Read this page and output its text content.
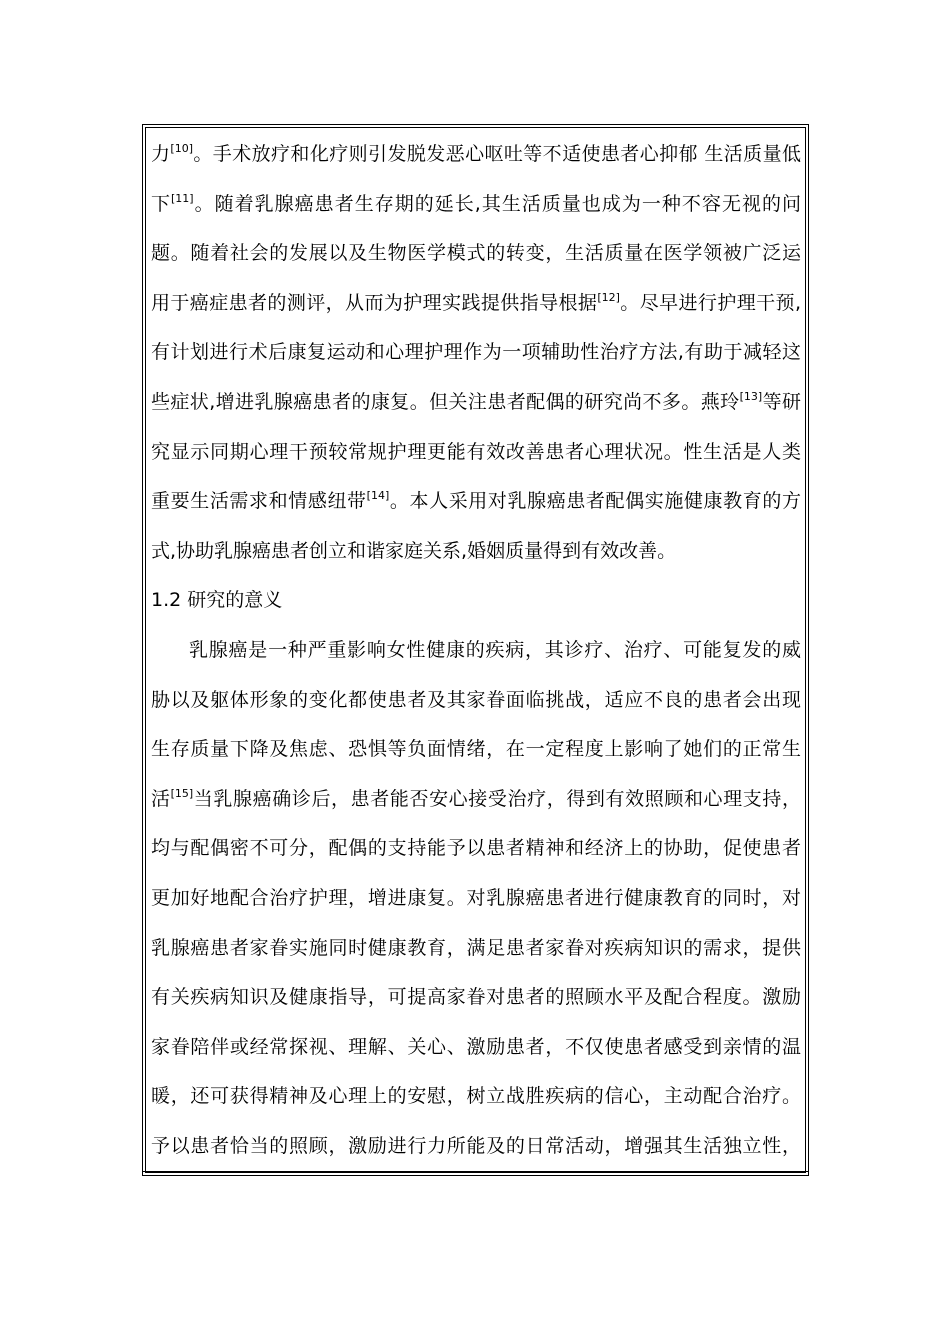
力[10]。手术放疗和化疗则引发脱发恶心呕吐等不适使患者心抑郁 生活质量低
下[11]。随着乳腺癌患者生存期的延长,其生活质量也成为一种不容无视的问
题。随着社会的发展以及生物医学模式的转变，生活质量在医学领被广泛运
用于癌症患者的测评，从而为护理实践提供指导根据[12]。尽早进行护理干预,
有计划进行术后康复运动和心理护理作为一项辅助性治疗方法,有助于减轻这
些症状,增进乳腺癌患者的康复。但关注患者配偶的研究尚不多。燕玲[13]等研
究显示同期心理干预较常规护理更能有效改善患者心理状况。性生活是人类
重要生活需求和情感纽带[14]。本人采用对乳腺癌患者配偶实施健康教育的方
式,协助乳腺癌患者创立和谐家庭关系,婚姻质量得到有效改善。

1.2 研究的意义

乳腺癌是一种严重影响女性健康的疾病，其诊疗、治疗、可能复发的威
胁以及躯体形象的变化都使患者及其家眷面临挑战，适应不良的患者会出现
生存质量下降及焦虑、恐惧等负面情绪，在一定程度上影响了她们的正常生
活[15]当乳腺癌确诊后，患者能否安心接受治疗，得到有效照顾和心理支持，
均与配偶密不可分，配偶的支持能予以患者精神和经济上的协助，促使患者
更加好地配合治疗护理，增进康复。对乳腺癌患者进行健康教育的同时，对
乳腺癌患者家眷实施同时健康教育，满足患者家眷对疾病知识的需求，提供
有关疾病知识及健康指导，可提高家眷对患者的照顾水平及配合程度。激励
家眷陪伴或经常探视、理解、关心、激励患者，不仅使患者感受到亲情的温
暖，还可获得精神及心理上的安慰，树立战胜疾病的信心，主动配合治疗。
予以患者恰当的照顾，激励进行力所能及的日常活动，增强其生活独立性，
